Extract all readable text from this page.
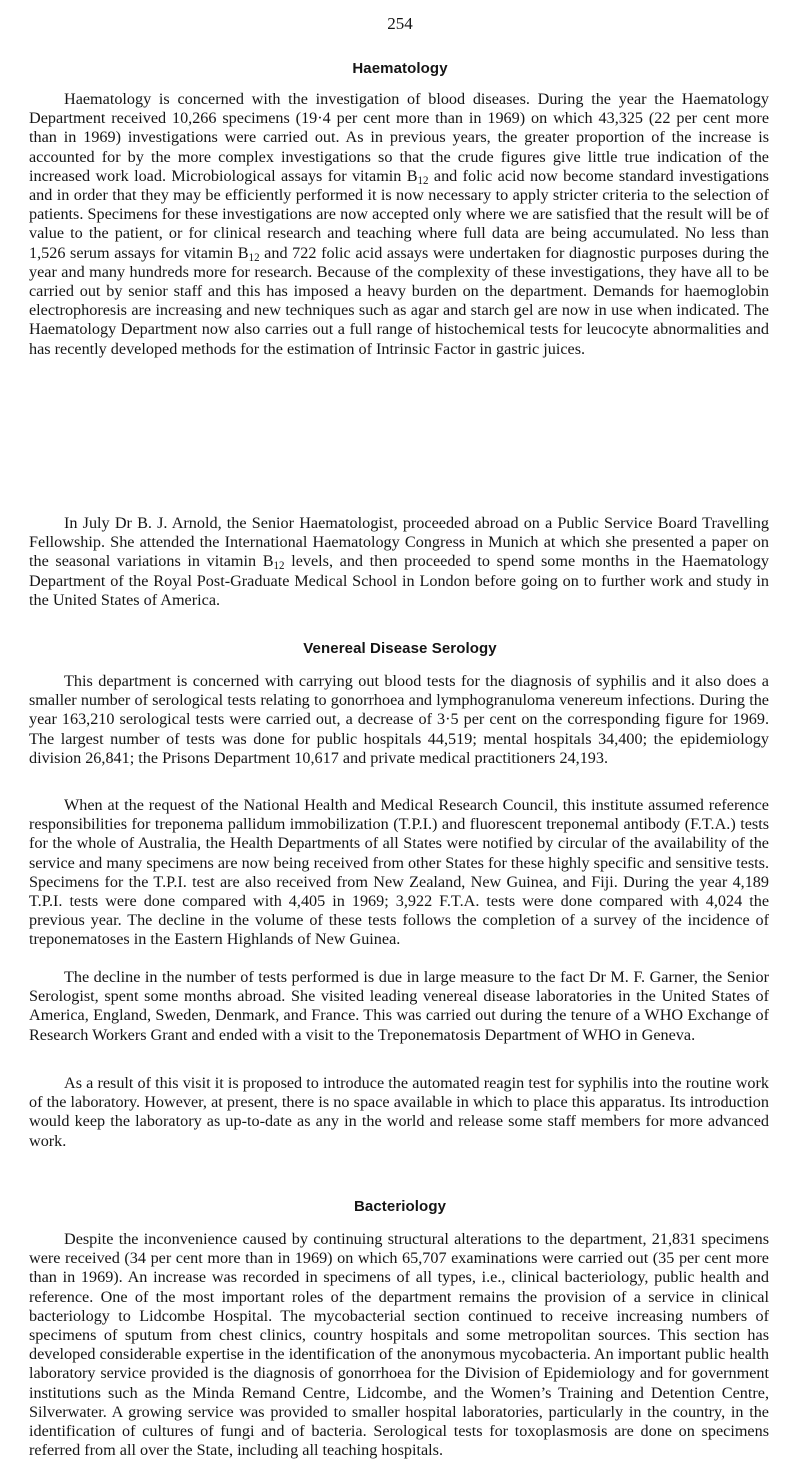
254
Haematology

Haematology is concerned with the investigation of blood diseases. During the year the Haematology Department received 10,266 specimens (19·4 per cent more than in 1969) on which 43,325 (22 per cent more than in 1969) investigations were carried out. As in previous years, the greater proportion of the increase is accounted for by the more complex investigations so that the crude figures give little true indication of the increased work load. Microbiological assays for vitamin $B_{12}$ and folic acid now become standard investigations and in order that they may be efficiently performed it is now necessary to apply stricter criteria to the selection of patients. Specimens for these investigations are now accepted only where we are satisfied that the result will be of value to the patient, or for clinical research and teaching where full data are being accumulated. No less than 1,526 serum assays for vitamin $B_{12}$ and 722 folic acid assays were undertaken for diagnostic purposes during the year and many hundreds more for research. Because of the complexity of these investigations, they have all to be carried out by senior staff and this has imposed a heavy burden on the department. Demands for haemoglobin electrophoresis are increasing and new techniques such as agar and starch gel are now in use when indicated. The Haematology Department now also carries out a full range of histochemical tests for leucocyte abnormalities and has recently developed methods for the estimation of Intrinsic Factor in gastric juices.

In July Dr B. J. Arnold, the Senior Haematologist, proceeded abroad on a Public Service Board Travelling Fellowship. She attended the International Haematology Congress in Munich at which she presented a paper on the seasonal variations in vitamin $B_{12}$ levels, and then proceeded to spend some months in the Haematology Department of the Royal Post-Graduate Medical School in London before going on to further work and study in the United States of America.

Venereal Disease Serology

This department is concerned with carrying out blood tests for the diagnosis of syphilis and it also does a smaller number of serological tests relating to gonorrhoea and lymphogranuloma venereum infections. During the year 163,210 serological tests were carried out, a decrease of 3·5 per cent on the corresponding figure for 1969. The largest number of tests was done for public hospitals 44,519; mental hospitals 34,400; the epidemiology division 26,841; the Prisons Department 10,617 and private medical practitioners 24,193.

When at the request of the National Health and Medical Research Council, this institute assumed reference responsibilities for treponema pallidum immobilization (T.P.I.) and fluorescent treponemal antibody (F.T.A.) tests for the whole of Australia, the Health Departments of all States were notified by circular of the availability of the service and many specimens are now being received from other States for these highly specific and sensitive tests. Specimens for the T.P.I. test are also received from New Zealand, New Guinea, and Fiji. During the year 4,189 T.P.I. tests were done compared with 4,405 in 1969; 3,922 F.T.A. tests were done compared with 4,024 the previous year. The decline in the volume of these tests follows the completion of a survey of the incidence of treponematoses in the Eastern Highlands of New Guinea.

The decline in the number of tests performed is due in large measure to the fact Dr M. F. Garner, the Senior Serologist, spent some months abroad. She visited leading venereal disease laboratories in the United States of America, England, Sweden, Denmark, and France. This was carried out during the tenure of a WHO Exchange of Research Workers Grant and ended with a visit to the Treponematosis Department of WHO in Geneva.

As a result of this visit it is proposed to introduce the automated reagin test for syphilis into the routine work of the laboratory. However, at present, there is no space available in which to place this apparatus. Its introduction would keep the laboratory as up-to-date as any in the world and release some staff members for more advanced work.

Bacteriology

Despite the inconvenience caused by continuing structural alterations to the department, 21,831 specimens were received (34 per cent more than in 1969) on which 65,707 examinations were carried out (35 per cent more than in 1969). An increase was recorded in specimens of all types, i.e., clinical bacteriology, public health and reference. One of the most important roles of the department remains the provision of a service in clinical bacteriology to Lidcombe Hospital. The mycobacterial section continued to receive increasing numbers of specimens of sputum from chest clinics, country hospitals and some metropolitan sources. This section has developed considerable expertise in the identification of the anonymous mycobacteria. An important public health laboratory service provided is the diagnosis of gonorrhoea for the Division of Epidemiology and for government institutions such as the Minda Remand Centre, Lidcombe, and the Women’s Training and Detention Centre, Silverwater. A growing service was provided to smaller hospital laboratories, particularly in the country, in the identification of cultures of fungi and of bacteria. Serological tests for toxoplasmosis are done on specimens referred from all over the State, including all teaching hospitals.
